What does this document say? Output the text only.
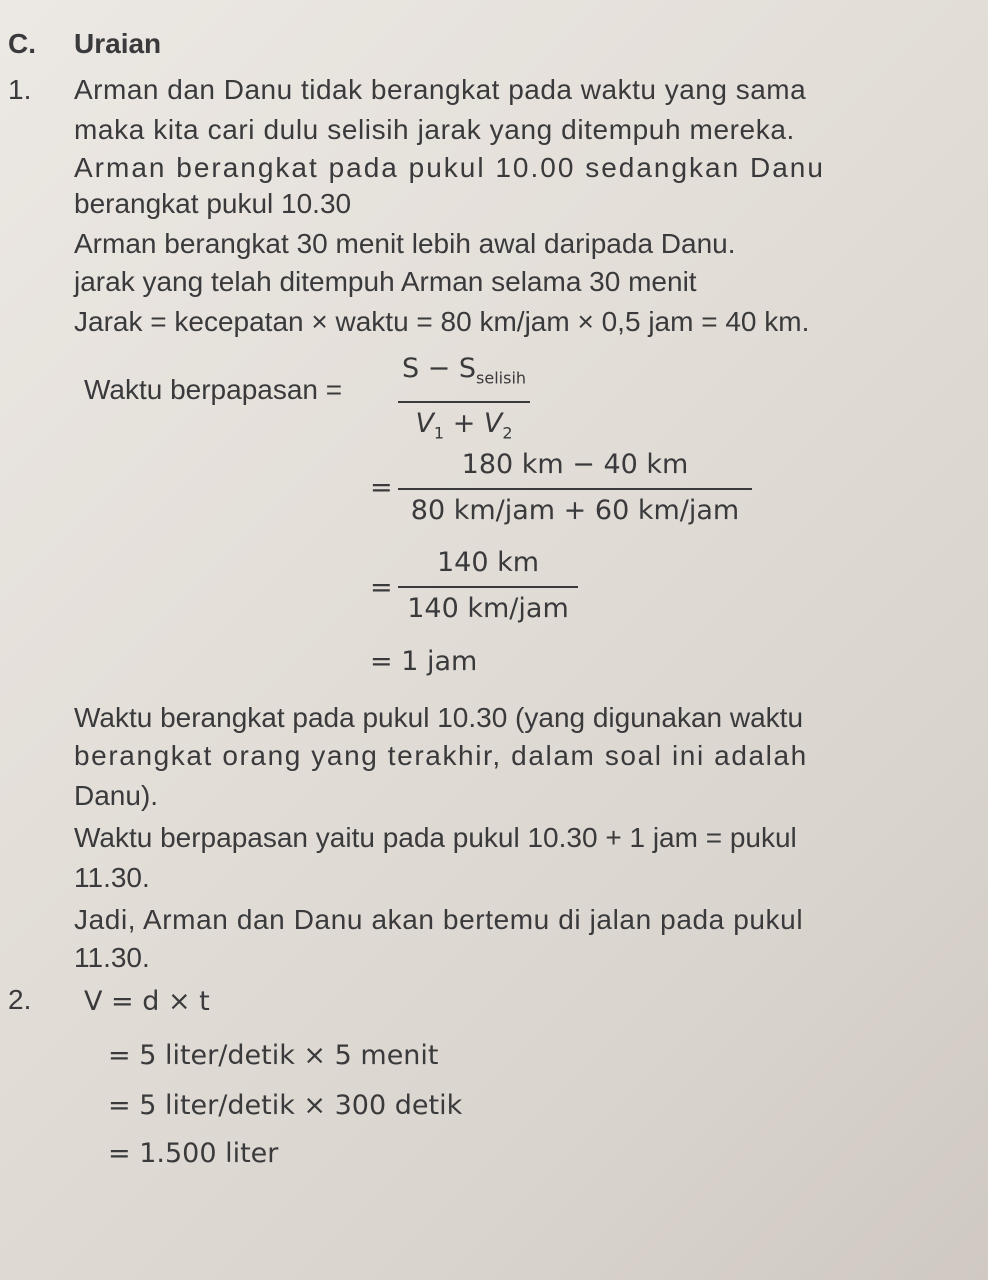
C. Uraian
1. Arman dan Danu tidak berangkat pada waktu yang sama
maka kita cari dulu selisih jarak yang ditempuh mereka.
Arman berangkat pada pukul 10.00 sedangkan Danu
berangkat pukul 10.30
Arman berangkat 30 menit lebih awal daripada Danu.
jarak yang telah ditempuh Arman selama 30 menit
Jarak = kecepatan × waktu = 80 km/jam × 0,5 jam = 40 km.
Waktu berpapasan =
$S - S_{selisih}$
$V_1 + V_2$
=
180 km − 40 km
80 km/jam + 60 km/jam
=
140 km
140 km/jam
= 1 jam
Waktu berangkat pada pukul 10.30 (yang digunakan waktu
berangkat orang yang terakhir, dalam soal ini adalah
Danu).
Waktu berpapasan yaitu pada pukul 10.30 + 1 jam = pukul
11.30.
Jadi, Arman dan Danu akan bertemu di jalan pada pukul
11.30.
2. V = d × t
= 5 liter/detik × 5 menit
= 5 liter/detik × 300 detik
= 1.500 liter
